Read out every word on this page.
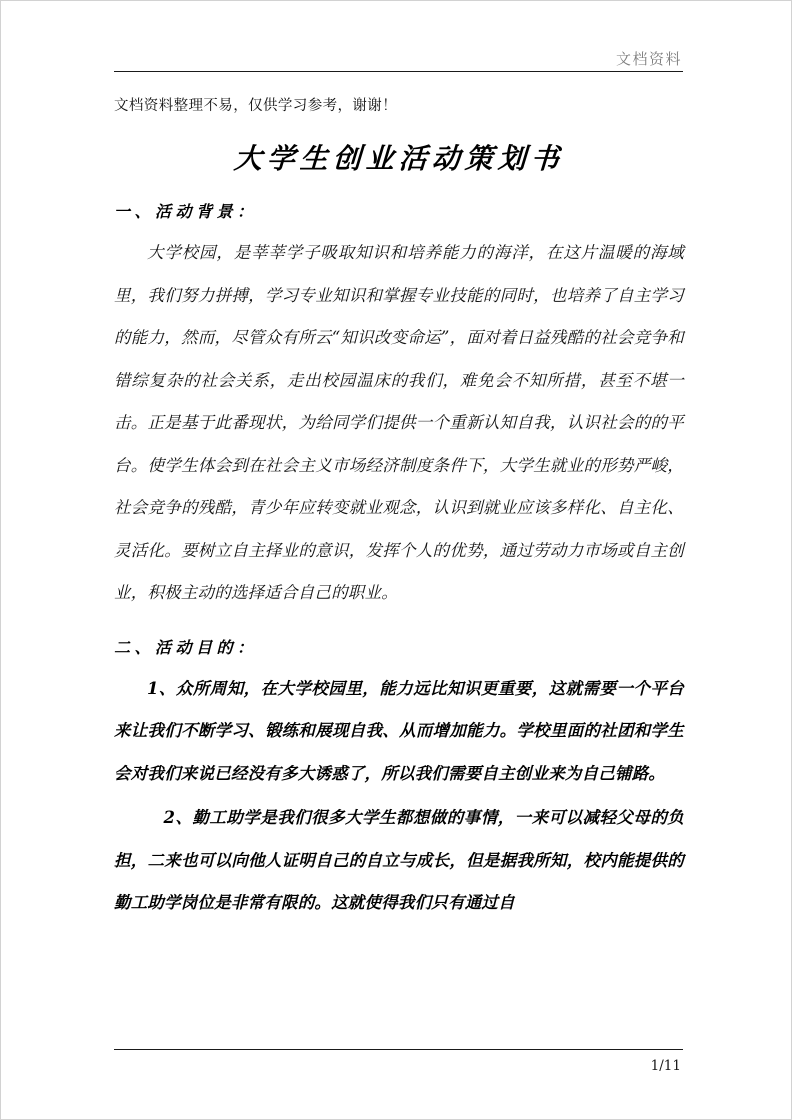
文档资料
文档资料整理不易，仅供学习参考，谢谢！
大学生创业活动策划书
一、活动背景：

大学校园，是莘莘学子吸取知识和培养能力的海洋，在这片温暖的海域里，我们努力拼搏，学习专业知识和掌握专业技能的同时，也培养了自主学习的能力，然而，尽管众有所云“知识改变命运”，面对着日益残酷的社会竞争和错综复杂的社会关系，走出校园温床的我们，难免会不知所措，甚至不堪一击。正是基于此番现状，为给同学们提供一个重新认知自我，认识社会的的平台。使学生体会到在社会主义市场经济制度条件下，大学生就业的形势严峻，社会竞争的残酷，青少年应转变就业观念，认识到就业应该多样化、自主化、灵活化。要树立自主择业的意识，发挥个人的优势，通过劳动力市场或自主创业，积极主动的选择适合自己的职业。

二、活动目的：

1、众所周知，在大学校园里，能力远比知识更重要，这就需要一个平台来让我们不断学习、锻练和展现自我、从而增加能力。学校里面的社团和学生会对我们来说已经没有多大诱惑了，所以我们需要自主创业来为自己铺路。

2、勤工助学是我们很多大学生都想做的事情，一来可以减轻父母的负担，二来也可以向他人证明自己的自立与成长，但是据我所知，校内能提供的勤工助学岗位是非常有限的。这就使得我们只有通过自

1/11
